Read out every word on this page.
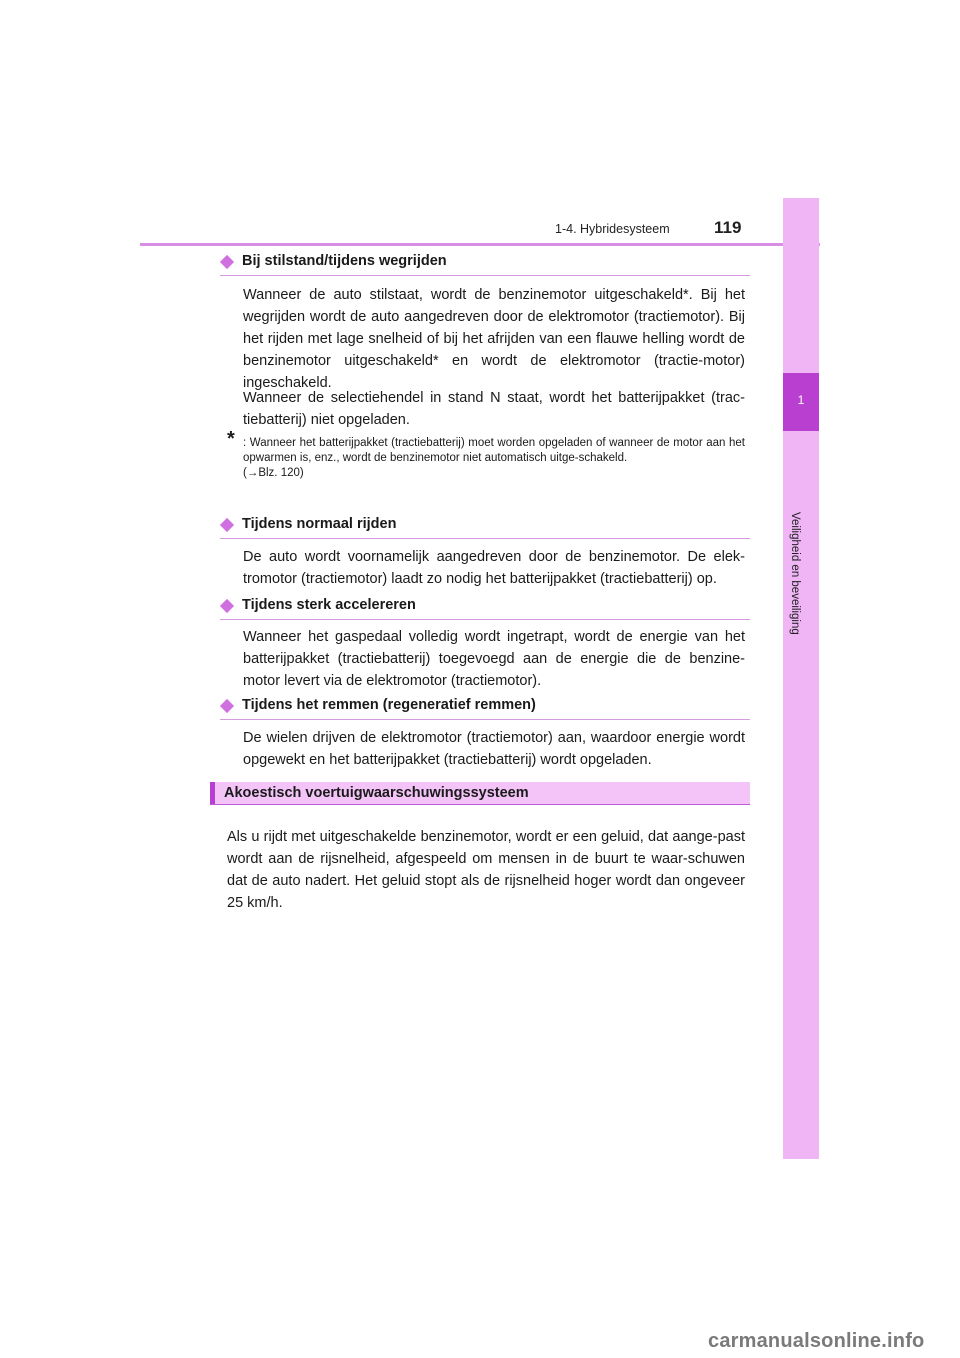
1-4. Hybridesysteem	119
1
Veiligheid en beveiliging
Bij stilstand/tijdens wegrijden

Wanneer de auto stilstaat, wordt de benzinemotor uitgeschakeld*. Bij het wegrijden wordt de auto aangedreven door de elektromotor (tractiemotor). Bij het rijden met lage snelheid of bij het afrijden van een flauwe helling wordt de benzinemotor uitgeschakeld* en wordt de elektromotor (tractie-motor) ingeschakeld.

Wanneer de selectiehendel in stand N staat, wordt het batterijpakket (trac-tiebatterij) niet opgeladen.

* : Wanneer het batterijpakket (tractiebatterij) moet worden opgeladen of wanneer de motor aan het opwarmen is, enz., wordt de benzinemotor niet automatisch uitge-schakeld.
(→Blz. 120)
Tijdens normaal rijden

De auto wordt voornamelijk aangedreven door de benzinemotor. De elek-tromotor (tractiemotor) laadt zo nodig het batterijpakket (tractiebatterij) op.

Tijdens sterk accelereren

Wanneer het gaspedaal volledig wordt ingetrapt, wordt de energie van het batterijpakket (tractiebatterij) toegevoegd aan de energie die de benzine-motor levert via de elektromotor (tractiemotor).

Tijdens het remmen (regeneratief remmen)

De wielen drijven de elektromotor (tractiemotor) aan, waardoor energie wordt opgewekt en het batterijpakket (tractiebatterij) wordt opgeladen.

Akoestisch voertuigwaarschuwingssysteem

Als u rijdt met uitgeschakelde benzinemotor, wordt er een geluid, dat aange-past wordt aan de rijsnelheid, afgespeeld om mensen in de buurt te waar-schuwen dat de auto nadert. Het geluid stopt als de rijsnelheid hoger wordt dan ongeveer 25 km/h.

carmanualsonline.info
